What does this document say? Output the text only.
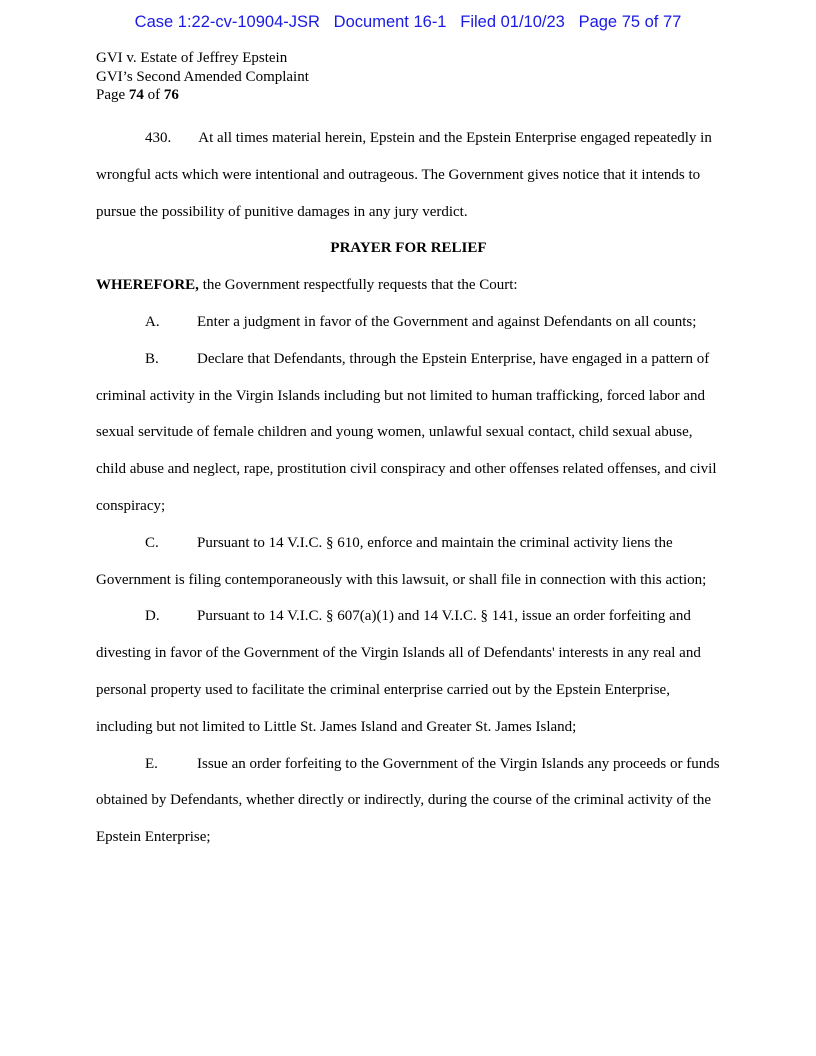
Case 1:22-cv-10904-JSR   Document 16-1   Filed 01/10/23   Page 75 of 77
GVI v. Estate of Jeffrey Epstein
GVI’s Second Amended Complaint
Page 74 of 76

430. At all times material herein, Epstein and the Epstein Enterprise engaged repeatedly in wrongful acts which were intentional and outrageous. The Government gives notice that it intends to pursue the possibility of punitive damages in any jury verdict.

PRAYER FOR RELIEF

WHEREFORE, the Government respectfully requests that the Court:

A. Enter a judgment in favor of the Government and against Defendants on all counts;

B.	Declare that Defendants, through the Epstein Enterprise, have engaged in a pattern of criminal activity in the Virgin Islands including but not limited to human trafficking, forced labor and sexual servitude of female children and young women, unlawful sexual contact, child sexual abuse, child abuse and neglect, rape, prostitution civil conspiracy and other offenses related offenses, and civil conspiracy;

C.	Pursuant to 14 V.I.C. § 610, enforce and maintain the criminal activity liens the Government is filing contemporaneously with this lawsuit, or shall file in connection with this action;

D. Pursuant to 14 V.I.C. § 607(a)(1) and 14 V.I.C. § 141, issue an order forfeiting and divesting in favor of the Government of the Virgin Islands all of Defendants' interests in any real and personal property used to facilitate the criminal enterprise carried out by the Epstein Enterprise, including but not limited to Little St. James Island and Greater St. James Island;

E.	Issue an order forfeiting to the Government of the Virgin Islands any proceeds or funds obtained by Defendants, whether directly or indirectly, during the course of the criminal activity of the Epstein Enterprise;
